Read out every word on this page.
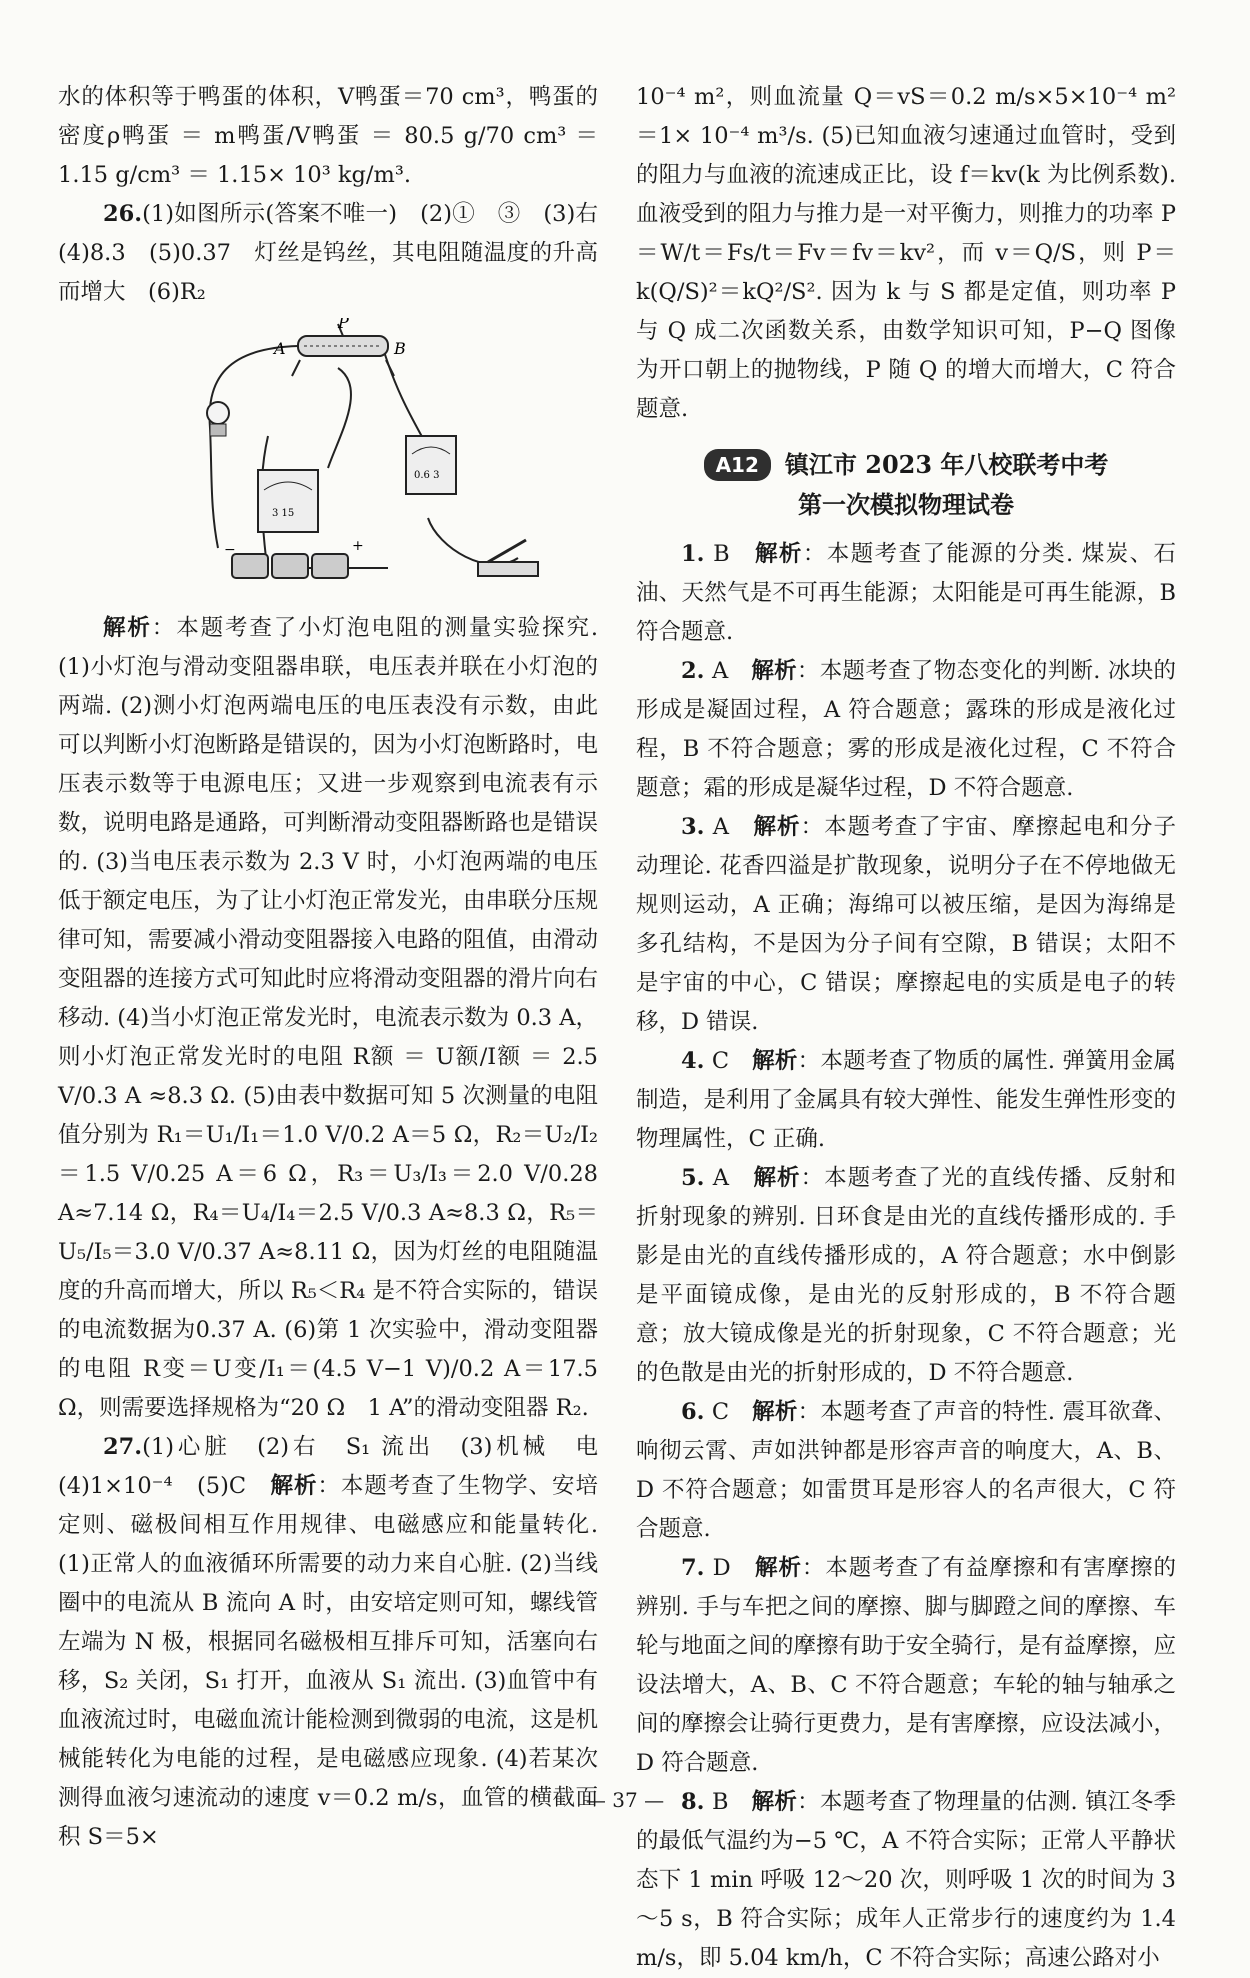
水的体积等于鸭蛋的体积，V鸭蛋＝70 cm³，鸭蛋的密度ρ鸭蛋 ＝ m鸭蛋/V鸭蛋 ＝ 80.5 g/70 cm³ ＝ 1.15 g/cm³ ＝ 1.15× 10³ kg/m³.

26.(1)如图所示(答案不唯一)　(2)①　③　(3)右　(4)8.3　(5)0.37　灯丝是钨丝，其电阻随温度的升高而增大　(6)R₂

P
A	B
0.6 3
3 15
−	+

解析：本题考查了小灯泡电阻的测量实验探究. (1)小灯泡与滑动变阻器串联，电压表并联在小灯泡的两端. (2)测小灯泡两端电压的电压表没有示数，由此可以判断小灯泡断路是错误的，因为小灯泡断路时，电压表示数等于电源电压；又进一步观察到电流表有示数，说明电路是通路，可判断滑动变阻器断路也是错误的. (3)当电压表示数为 2.3 V 时，小灯泡两端的电压低于额定电压，为了让小灯泡正常发光，由串联分压规律可知，需要减小滑动变阻器接入电路的阻值，由滑动变阻器的连接方式可知此时应将滑动变阻器的滑片向右移动. (4)当小灯泡正常发光时，电流表示数为 0.3 A，则小灯泡正常发光时的电阻 R额 ＝ U额/I额 ＝ 2.5 V/0.3 A ≈8.3 Ω. (5)由表中数据可知 5 次测量的电阻值分别为 R₁＝U₁/I₁＝1.0 V/0.2 A＝5 Ω，R₂＝U₂/I₂＝1.5 V/0.25 A＝6 Ω，R₃＝U₃/I₃＝2.0 V/0.28 A≈7.14 Ω，R₄＝U₄/I₄＝2.5 V/0.3 A≈8.3 Ω，R₅＝U₅/I₅＝3.0 V/0.37 A≈8.11 Ω，因为灯丝的电阻随温度的升高而增大，所以 R₅＜R₄ 是不符合实际的，错误的电流数据为0.37 A. (6)第 1 次实验中，滑动变阻器的电阻 R变＝U变/I₁＝(4.5 V−1 V)/0.2 A＝17.5 Ω，则需要选择规格为“20 Ω　1 A”的滑动变阻器 R₂.

27.(1)心脏　(2)右　S₁ 流出　(3)机械　电　(4)1×10⁻⁴　(5)C　解析：本题考查了生物学、安培定则、磁极间相互作用规律、电磁感应和能量转化. (1)正常人的血液循环所需要的动力来自心脏. (2)当线圈中的电流从 B 流向 A 时，由安培定则可知，螺线管左端为 N 极，根据同名磁极相互排斥可知，活塞向右移，S₂ 关闭，S₁ 打开，血液从 S₁ 流出. (3)血管中有血液流过时，电磁血流计能检测到微弱的电流，这是机械能转化为电能的过程，是电磁感应现象. (4)若某次测得血液匀速流动的速度 v＝0.2 m/s，血管的横截面积 S＝5×

10⁻⁴ m²，则血流量 Q＝vS＝0.2 m/s×5×10⁻⁴ m²＝1× 10⁻⁴ m³/s. (5)已知血液匀速通过血管时，受到的阻力与血液的流速成正比，设 f＝kv(k 为比例系数). 血液受到的阻力与推力是一对平衡力，则推力的功率 P＝W/t＝Fs/t＝Fv＝fv＝kv²，而 v＝Q/S，则 P＝k(Q/S)²＝kQ²/S². 因为 k 与 S 都是定值，则功率 P 与 Q 成二次函数关系，由数学知识可知，P−Q 图像为开口朝上的抛物线，P 随 Q 的增大而增大，C 符合题意.

A12 镇江市 2023 年八校联考中考
第一次模拟物理试卷

1. B　 解析：本题考查了能源的分类. 煤炭、石油、天然气是不可再生能源；太阳能是可再生能源，B 符合题意.

2. A　 解析：本题考查了物态变化的判断. 冰块的形成是凝固过程，A 符合题意；露珠的形成是液化过程，B 不符合题意；雾的形成是液化过程，C 不符合题意；霜的形成是凝华过程，D 不符合题意.

3. A　 解析：本题考查了宇宙、摩擦起电和分子动理论. 花香四溢是扩散现象，说明分子在不停地做无规则运动，A 正确；海绵可以被压缩，是因为海绵是多孔结构，不是因为分子间有空隙，B 错误；太阳不是宇宙的中心，C 错误；摩擦起电的实质是电子的转移，D 错误.

4. C　 解析：本题考查了物质的属性. 弹簧用金属制造，是利用了金属具有较大弹性、能发生弹性形变的物理属性，C 正确.

5. A　 解析：本题考查了光的直线传播、反射和折射现象的辨别. 日环食是由光的直线传播形成的. 手影是由光的直线传播形成的，A 符合题意；水中倒影是平面镜成像，是由光的反射形成的，B 不符合题意；放大镜成像是光的折射现象，C 不符合题意；光的色散是由光的折射形成的，D 不符合题意.

6. C　 解析：本题考查了声音的特性. 震耳欲聋、响彻云霄、声如洪钟都是形容声音的响度大，A、B、D 不符合题意；如雷贯耳是形容人的名声很大，C 符合题意.

7. D　 解析：本题考查了有益摩擦和有害摩擦的辨别. 手与车把之间的摩擦、脚与脚蹬之间的摩擦、车轮与地面之间的摩擦有助于安全骑行，是有益摩擦，应设法增大，A、B、C 不符合题意；车轮的轴与轴承之间的摩擦会让骑行更费力，是有害摩擦，应设法减小，D 符合题意.

8. B　 解析：本题考查了物理量的估测. 镇江冬季的最低气温约为−5 ℃，A 不符合实际；正常人平静状态下 1 min 呼吸 12～20 次，则呼吸 1 次的时间为 3～5 s，B 符合实际；成年人正常步行的速度约为 1.4 m/s，即 5.04 km/h，C 不符合实际；高速公路对小

— 37 —
